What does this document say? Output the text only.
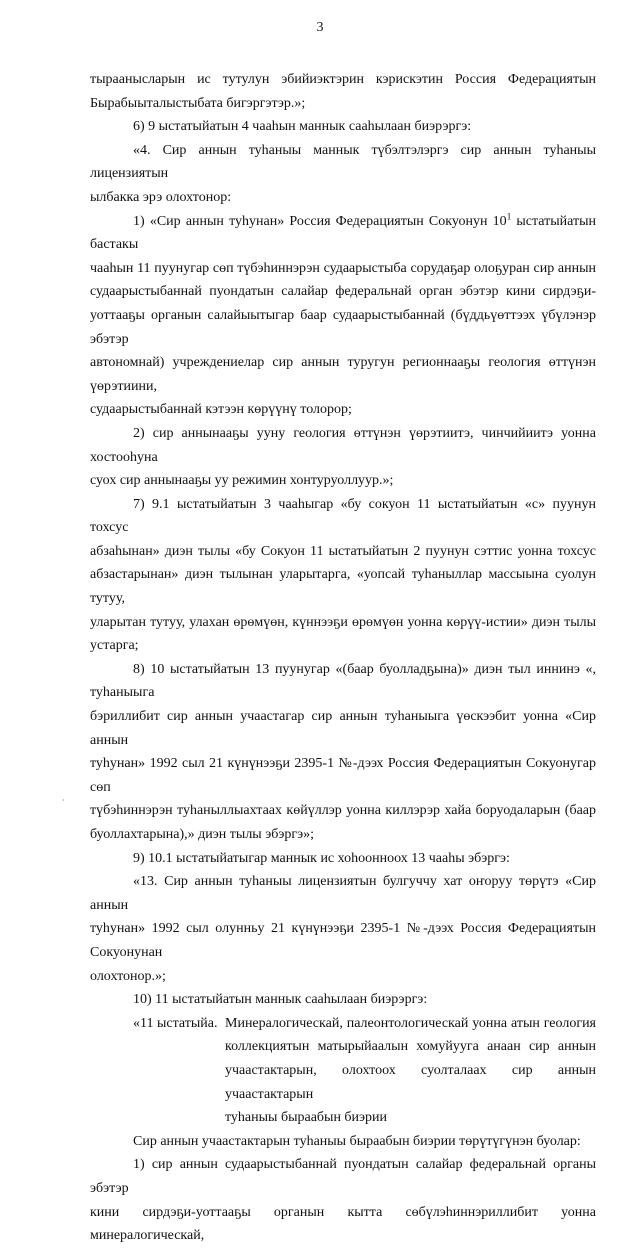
3

тыраанысларын ис тутулун эбийиэктэрин кэрискэтин Россия Федерациятын

Бырабыыталыстыбата бигэргэтэр.»;

6) 9 ыстатыйатын 4 чааһын маннык сааһылаан биэрэргэ:

«4. Сир аннын туһаныы маннык түбэлтэлэргэ сир аннын туһаныы лицензиятын

ылбакка эрэ олохтонор:

1) «Сир аннын туһунан» Россия Федерациятын Сокуонун $10^1$ ыстатыйатын бастакы

чааһын 11 пуунугар сөп түбэһиннэрэн судаарыстыба сорудаҕар олоҕуран сир аннын

судаарыстыбаннай пуондатын салайар федеральнай орган эбэтэр кини сирдэҕи-

уоттааҕы органын салайыытыгар баар судаарыстыбаннай (бүддьүөттээх үбүлэнэр эбэтэр

автономнай) учреждениелар сир аннын туругун регионнааҕы геология өттүнэн үөрэтиини,

судаарыстыбаннай кэтээн көрүүнү толорор;

2) сир аннынааҕы ууну геология өттүнэн үөрэтиитэ, чинчийиитэ уонна хостооһуна

суох сир аннынааҕы уу режимин хонтуруоллуур.»;

7) 9.1 ыстатыйатын 3 чааһыгар «бу сокуон 11 ыстатыйатын «с» пуунун тохсус

абзаһынан» диэн тылы «бу Сокуон 11 ыстатыйатын 2 пуунун сэттис уонна тохсус

абзастарынан» диэн тылынан уларытарга, «уопсай туһаныллар массыына суолун тутуу,

уларытан тутуу, улахан өрөмүөн, күннээҕи өрөмүөн уонна көрүү-истии» диэн тылы

устарга;

8) 10 ыстатыйатын 13 пуунугар «(баар буолладҕына)» диэн тыл иннинэ «, туһаныыга

бэриллибит сир аннын учаастагар сир аннын туһаныыга үөскээбит уонна «Сир аннын

туһунан» 1992 сыл 21 күнүнээҕи 2395-1 №-дээх Россия Федерациятын Сокуонугар сөп

түбэһиннэрэн туһаныллыахтаах көйүллэр уонна киллэрэр хайа боруодаларын (баар

буоллахтарына),» диэн тылы эбэргэ»;

9) 10.1 ыстатыйатыгар маннык ис хоһоонноох 13 чааһы эбэргэ:

«13. Сир аннын туһаныы лицензиятын булгуччу хат оҥоруу төрүтэ «Сир аннын

туһунан» 1992 сыл олунньу 21 күнүнээҕи 2395-1 №-дээх Россия Федерациятын Сокуонунан

олохтонор.»;

10) 11 ыстатыйатын маннык сааһылаан биэрэргэ:

«11 ыстатыйа. Минералогическай, палеонтологическай уонна атын геология

коллекциятын матырыйаалын хомуйууга анаан сир аннын

учаастактарын, олохтоох суолталаах сир аннын учаастактарын

туһаныы быраабын биэрии

Сир аннын учаастактарын туһаныы быраабын биэрии төрүтүгүнэн буолар:

1) сир аннын судаарыстыбаннай пуондатын салайар федеральнай органы эбэтэр

кини сирдэҕи-уоттааҕы органын кытта сөбүлэһиннэриллибит уонна минералогическай,

·
